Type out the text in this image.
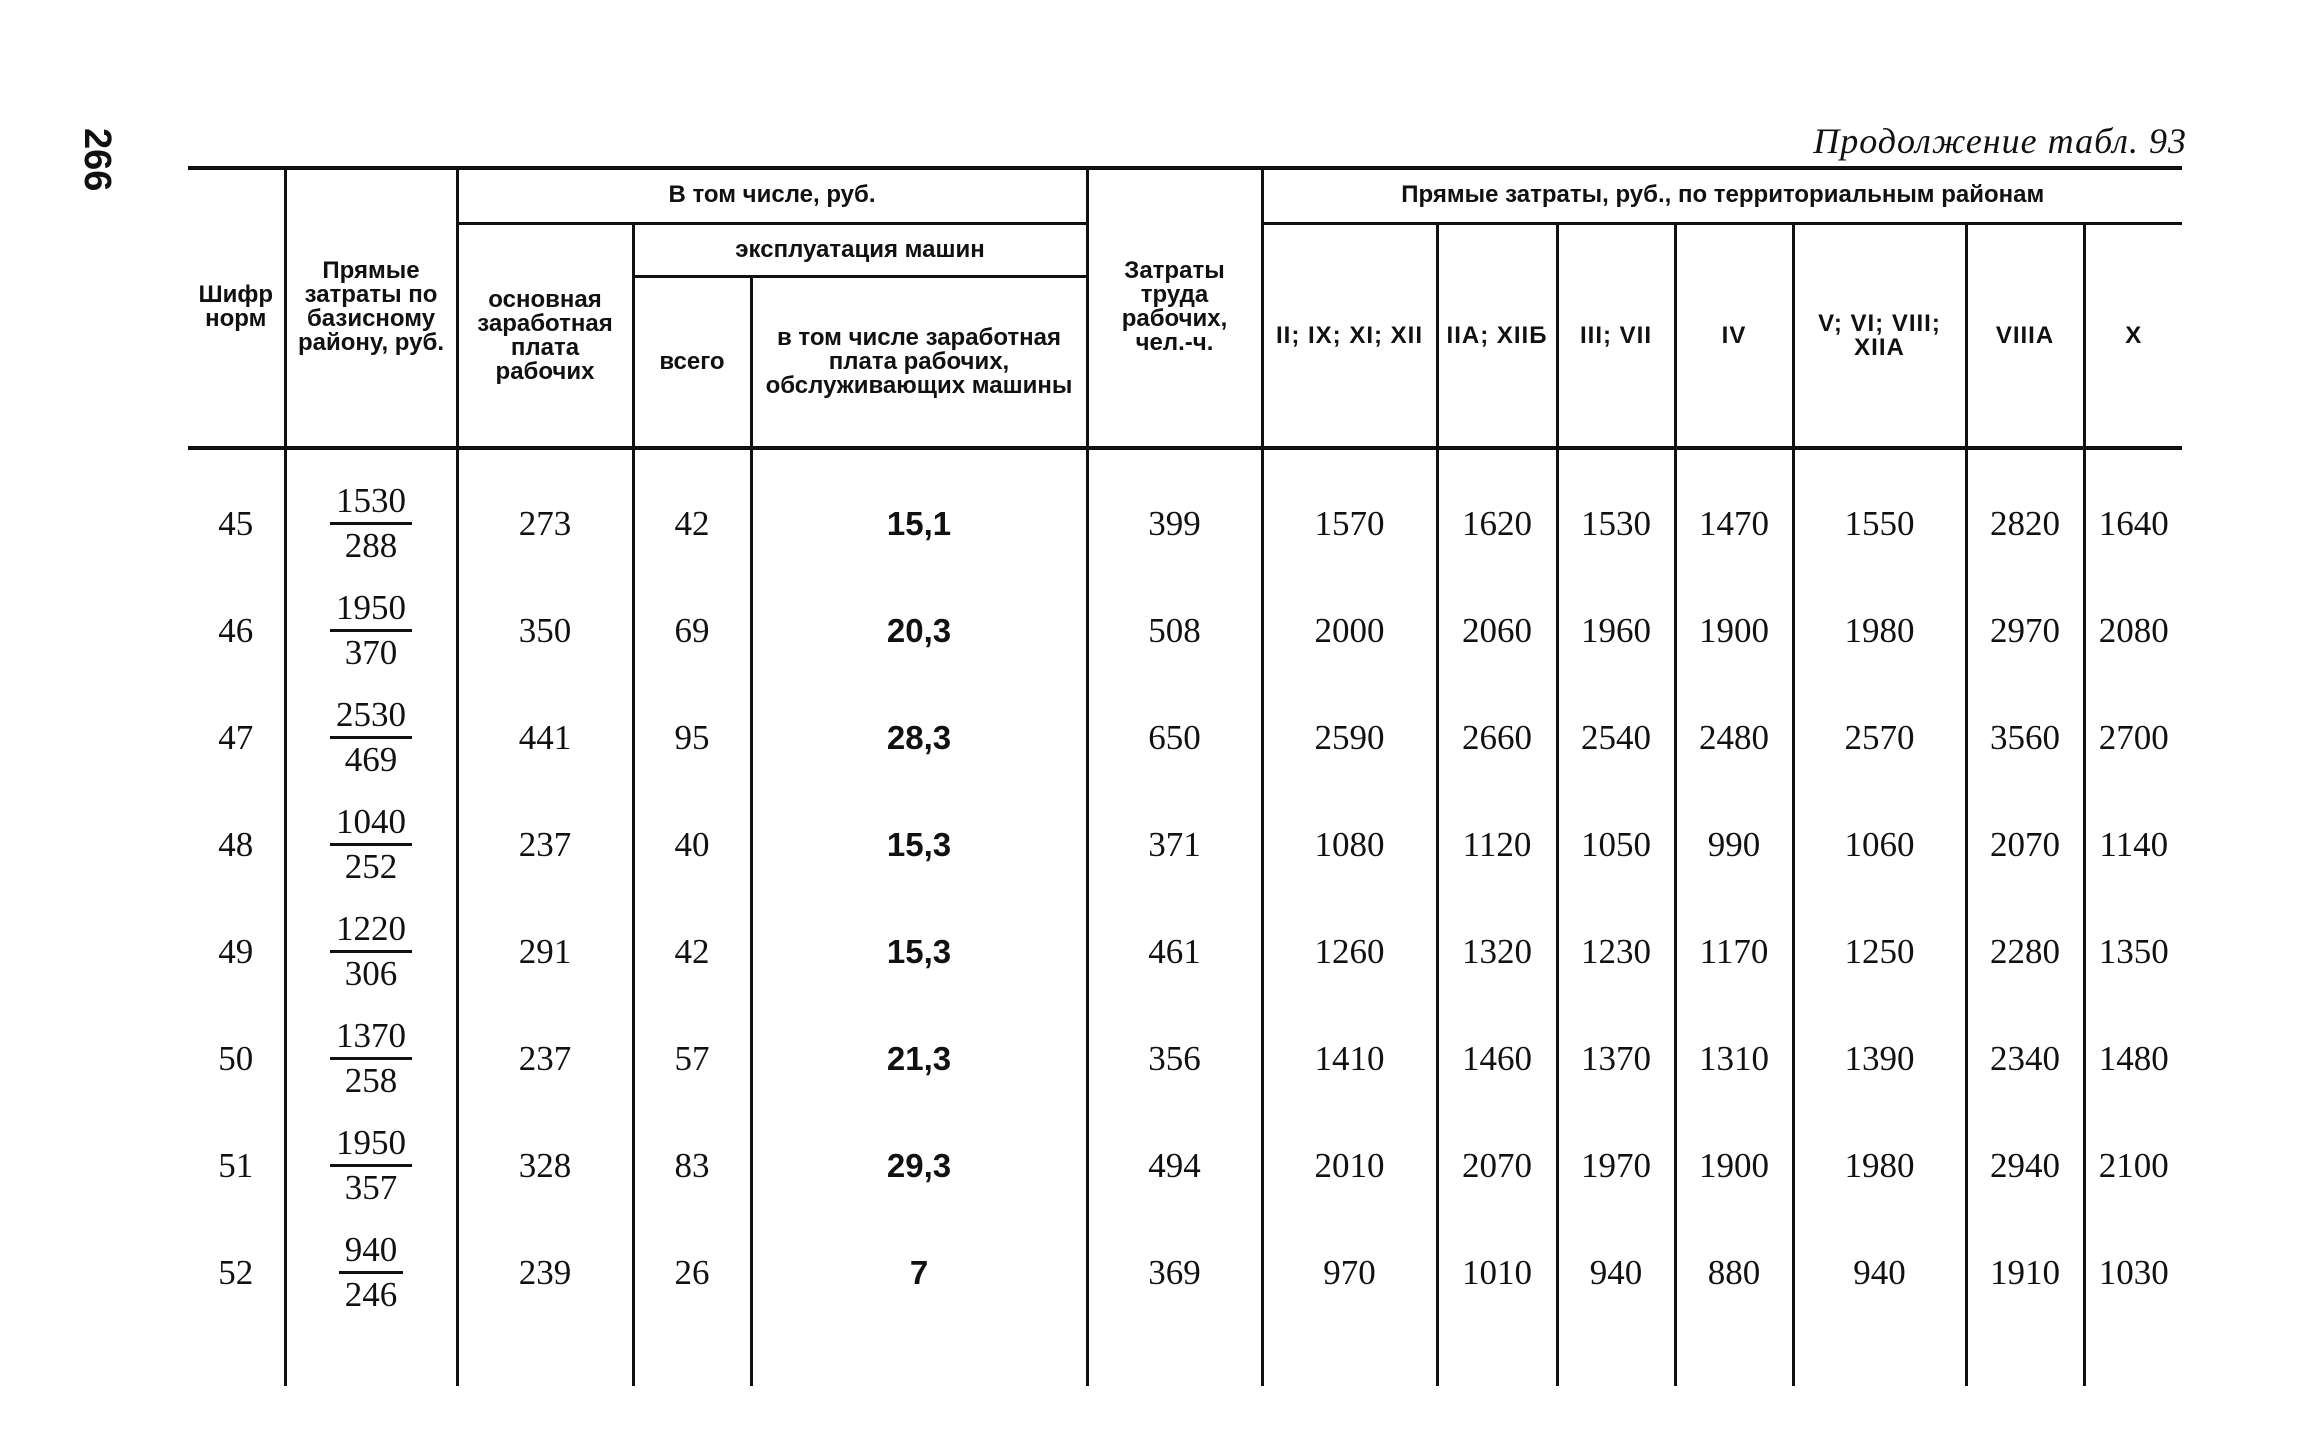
266	Продолжение табл. 93
Шифр норм	Прямые затраты по базисному району, руб.	В том числе, руб.			Затраты труда рабочих, чел.-ч.	Прямые затраты, руб., по территориальным районам						
		основная заработная плата рабочих	эксплуатация машин			II; IX; XI; XII	IIA; XIIБ	III; VII	IV	V; VI; VIII; XIIA	VIIIA	X
			всего	в том числе заработная плата рабочих, обслуживающих машины								

45	$\frac{1530}{288}$	273	42	15,1	399	1570	1620	1530	1470	1550	2820	1640
46	$\frac{1950}{370}$	350	69	20,3	508	2000	2060	1960	1900	1980	2970	2080
47	$\frac{2530}{469}$	441	95	28,3	650	2590	2660	2540	2480	2570	3560	2700
48	$\frac{1040}{252}$	237	40	15,3	371	1080	1120	1050	990	1060	2070	1140
49	$\frac{1220}{306}$	291	42	15,3	461	1260	1320	1230	1170	1250	2280	1350
50	$\frac{1370}{258}$	237	57	21,3	356	1410	1460	1370	1310	1390	2340	1480
51	$\frac{1950}{357}$	328	83	29,3	494	2010	2070	1970	1900	1980	2940	2100
52	$\frac{940}{246}$	239	26	7	369	970	1010	940	880	940	1910	1030
